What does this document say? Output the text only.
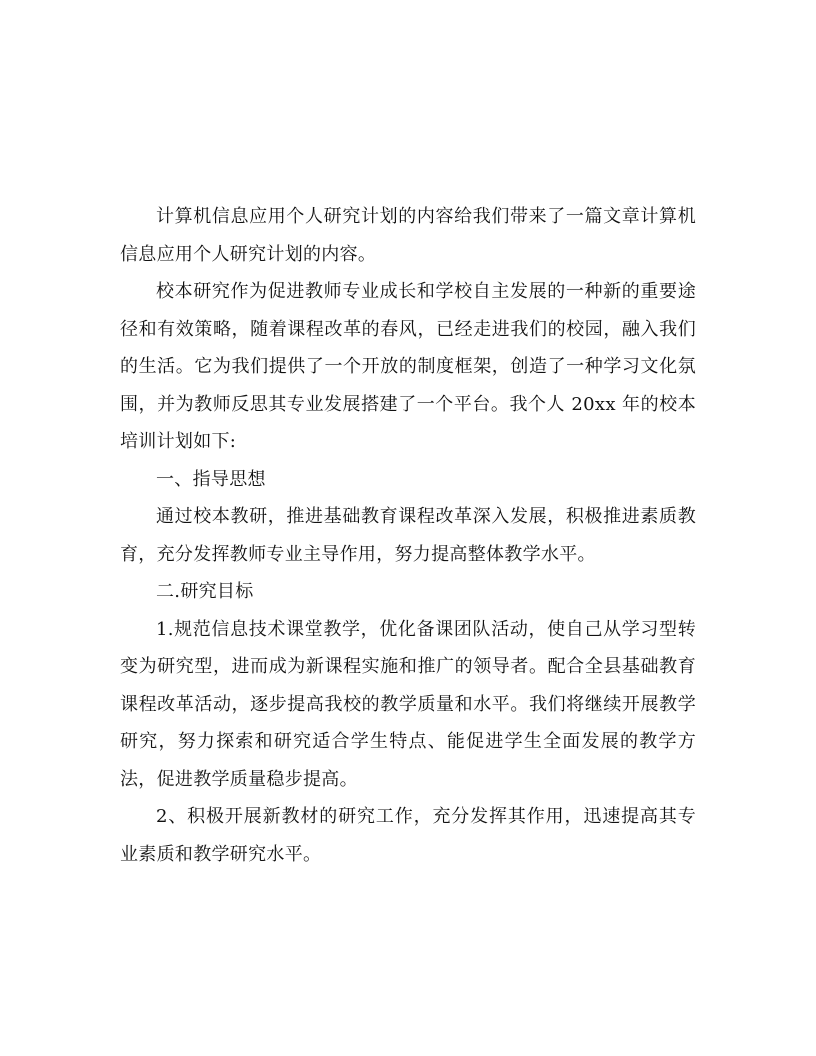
计算机信息应用个人研究计划的内容给我们带来了一篇文章计算机信息应用个人研究计划的内容。

校本研究作为促进教师专业成长和学校自主发展的一种新的重要途径和有效策略，随着课程改革的春风，已经走进我们的校园，融入我们的生活。它为我们提供了一个开放的制度框架，创造了一种学习文化氛围，并为教师反思其专业发展搭建了一个平台。我个人 20xx 年的校本培训计划如下:

一、指导思想

通过校本教研，推进基础教育课程改革深入发展，积极推进素质教育，充分发挥教师专业主导作用，努力提高整体教学水平。

二.研究目标

1.规范信息技术课堂教学，优化备课团队活动，使自己从学习型转变为研究型，进而成为新课程实施和推广的领导者。配合全县基础教育课程改革活动，逐步提高我校的教学质量和水平。我们将继续开展教学研究，努力探索和研究适合学生特点、能促进学生全面发展的教学方法，促进教学质量稳步提高。

2、积极开展新教材的研究工作，充分发挥其作用，迅速提高其专业素质和教学研究水平。
